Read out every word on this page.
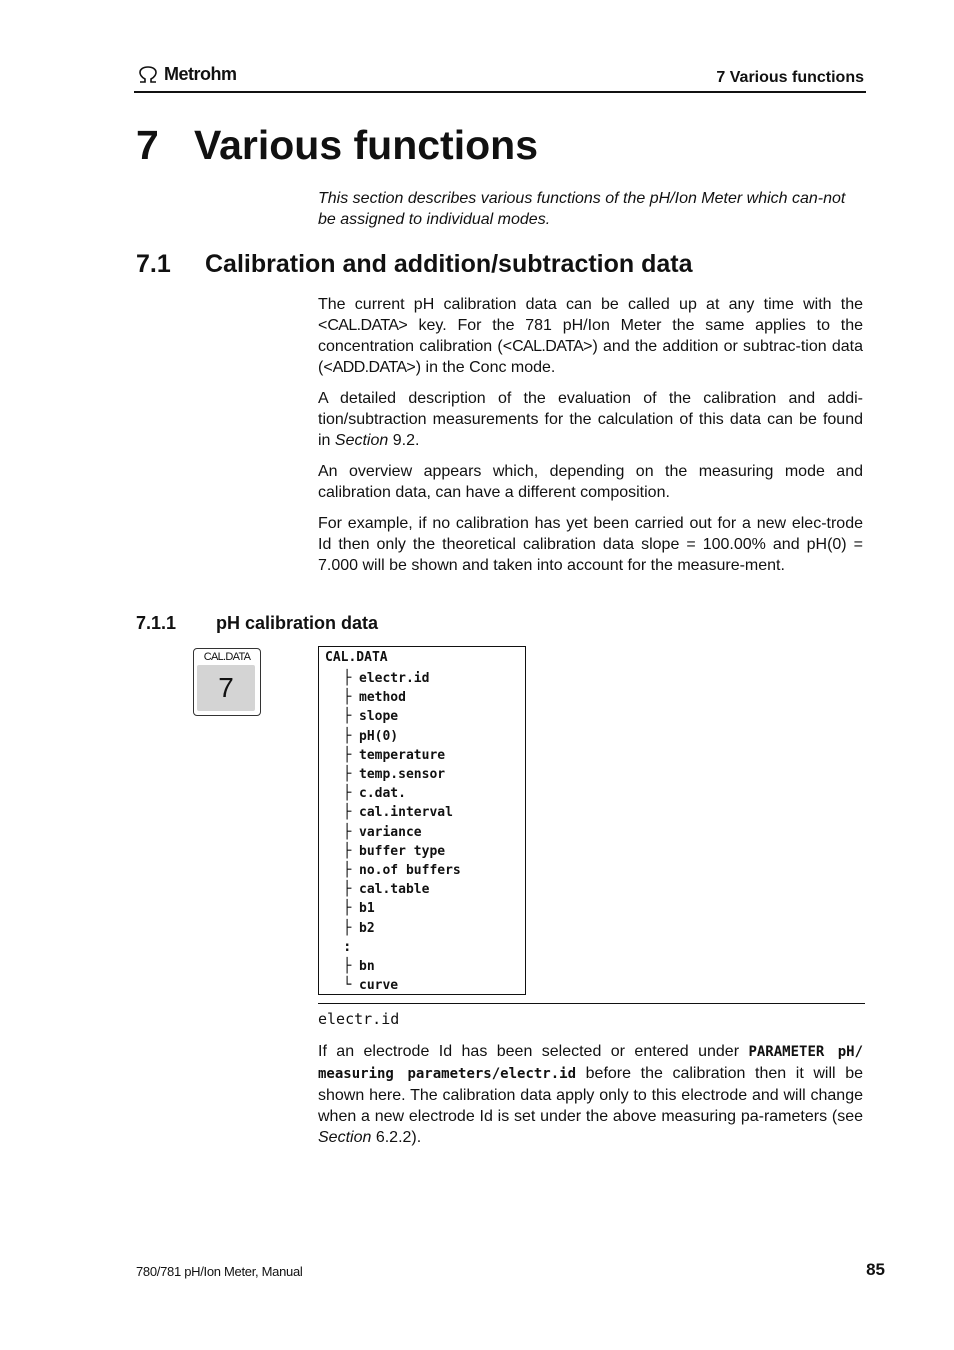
Metrohm	7 Various functions
7 Various functions

This section describes various functions of the pH/Ion Meter which can-not be assigned to individual modes.

7.1 Calibration and addition/subtraction data

The current pH calibration data can be called up at any time with the <CAL.DATA> key. For the 781 pH/Ion Meter the same applies to the concentration calibration (<CAL.DATA>) and the addition or subtrac-tion data (<ADD.DATA>) in the Conc mode.

A detailed description of the evaluation of the calibration and addi-tion/subtraction measurements for the calculation of this data can be found in Section 9.2.

An overview appears which, depending on the measuring mode and calibration data, can have a different composition.

For example, if no calibration has yet been carried out for a new elec-trode Id then only the theoretical calibration data slope = 100.00% and pH(0) = 7.000 will be shown and taken into account for the measure-ment.

7.1.1 pH calibration data
CAL.DATA
7
CAL.DATA
├ electr.id
├ method
├ slope
├ pH(0)
├ temperature
├ temp.sensor
├ c.dat.
├ cal.interval
├ variance
├ buffer type
├ no.of buffers
├ cal.table
├ b1
├ b2
:
├ bn
└ curve
electr.id

If an electrode Id has been selected or entered under PARAMETER pH/ measuring parameters/electr.id before the calibration then it will be shown here. The calibration data apply only to this electrode and will change when a new electrode Id is set under the above measuring pa-rameters (see Section 6.2.2).

780/781 pH/Ion Meter, Manual	85
